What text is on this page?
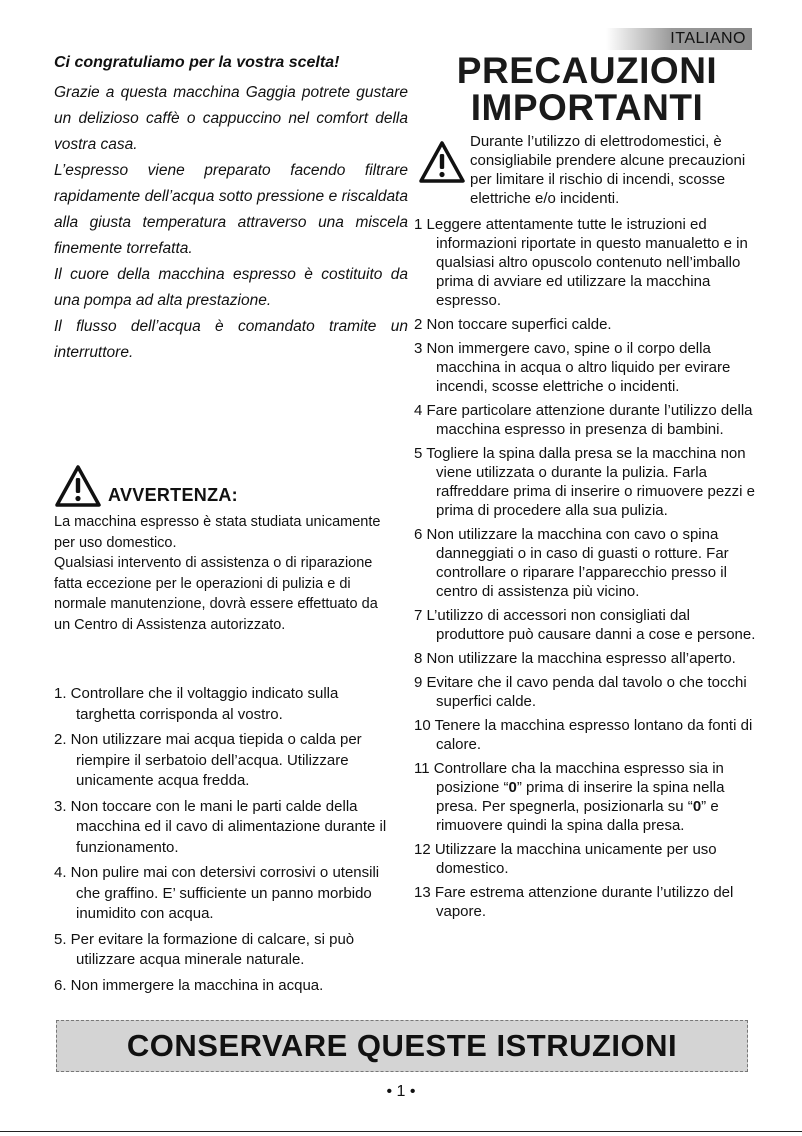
ITALIANO

Ci congratuliamo per la vostra scelta!

Grazie a questa macchina Gaggia potrete gustare un delizioso caffè o cappuccino nel comfort della vostra casa.

L’espresso viene preparato facendo filtrare rapidamente dell’acqua sotto pressione e riscaldata alla giusta temperatura attraverso una miscela finemente torrefatta.

Il cuore della macchina espresso è costituito da una pompa ad alta prestazione.

Il flusso dell’acqua è comandato tramite un interruttore.

AVVERTENZA:

La macchina espresso è stata studiata unicamente per uso domestico.

Qualsiasi intervento di assistenza o di riparazione fatta eccezione per le operazioni di pulizia e di normale manutenzione, dovrà essere effettuato da un Centro di Assistenza autorizzato.

1. Controllare che il voltaggio indicato sulla targhetta corrisponda al vostro.
2. Non utilizzare mai acqua tiepida o calda per riempire il serbatoio dell’acqua. Utilizzare unicamente acqua fredda.
3. Non toccare con le mani le parti calde della macchina ed il cavo di alimentazione durante il funzionamento.
4. Non pulire mai con detersivi corrosivi o utensili che graffino. E’ sufficiente un panno morbido inumidito con acqua.
5. Per evitare la formazione di calcare, si può utilizzare acqua minerale naturale.
6. Non immergere la macchina in acqua.
PRECAUZIONI
IMPORTANTI

Durante l’utilizzo di elettrodomestici, è consigliabile prendere alcune precauzioni per limitare il rischio di incendi, scosse elettriche e/o incidenti.

1 Leggere attentamente tutte le istruzioni ed informazioni riportate in questo manualetto e in qualsiasi altro opuscolo contenuto nell’imballo prima di avviare ed utilizzare la macchina espresso.
2 Non toccare superfici calde.
3 Non immergere cavo, spine o il corpo della macchina in acqua o altro liquido per evirare incendi, scosse elettriche o incidenti.
4 Fare particolare attenzione durante l’utilizzo della macchina espresso in presenza di bambini.
5 Togliere la spina dalla presa se la macchina non viene utilizzata o durante la pulizia. Farla raffreddare prima di inserire o rimuovere pezzi e prima di procedere alla sua pulizia.
6 Non utilizzare la macchina con cavo o spina danneggiati o in caso di guasti o rotture. Far controllare o riparare l’apparecchio presso il centro di assistenza più vicino.
7 L’utilizzo di accessori non consigliati dal produttore può causare danni a cose e persone.
8 Non utilizzare la macchina espresso all’aperto.
9 Evitare che il cavo penda dal tavolo o che tocchi superfici calde.
10 Tenere la macchina espresso lontano da fonti di calore.
11 Controllare cha la macchina espresso sia in posizione “0” prima di inserire la spina nella presa. Per spegnerla, posizionarla su “0” e rimuovere quindi la spina dalla presa.
12 Utilizzare la macchina unicamente per uso domestico.
13 Fare estrema attenzione durante l’utilizzo del vapore.
CONSERVARE QUESTE ISTRUZIONI
• 1 •
